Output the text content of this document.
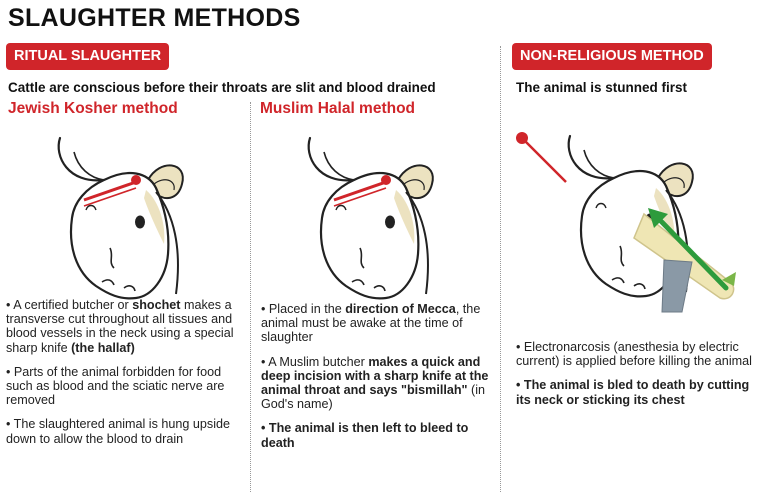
SLAUGHTER METHODS
RITUAL SLAUGHTER
Cattle are conscious before their throats are slit and blood drained
NON-RELIGIOUS METHOD
The animal is stunned first
Jewish Kosher method	Muslim Halal method

• A certified butcher or shochet makes a transverse cut throughout all tissues and blood vessels in the neck using a special sharp knife (the hallaf)

• Parts of the animal forbidden for food such as blood and the sciatic nerve are removed

• The slaughtered animal is hung upside down to allow the blood to drain

• Placed in the direction of Mecca, the animal must be awake at the time of slaughter

• A Muslim butcher makes a quick and deep incision with a sharp knife at the animal throat and says "bismillah" (in God's name)

• The animal is then left to bleed to death

• Electronarcosis (anesthesia by electric current) is applied before killing the animal

• The animal is bled to death by cutting its neck or sticking its chest
